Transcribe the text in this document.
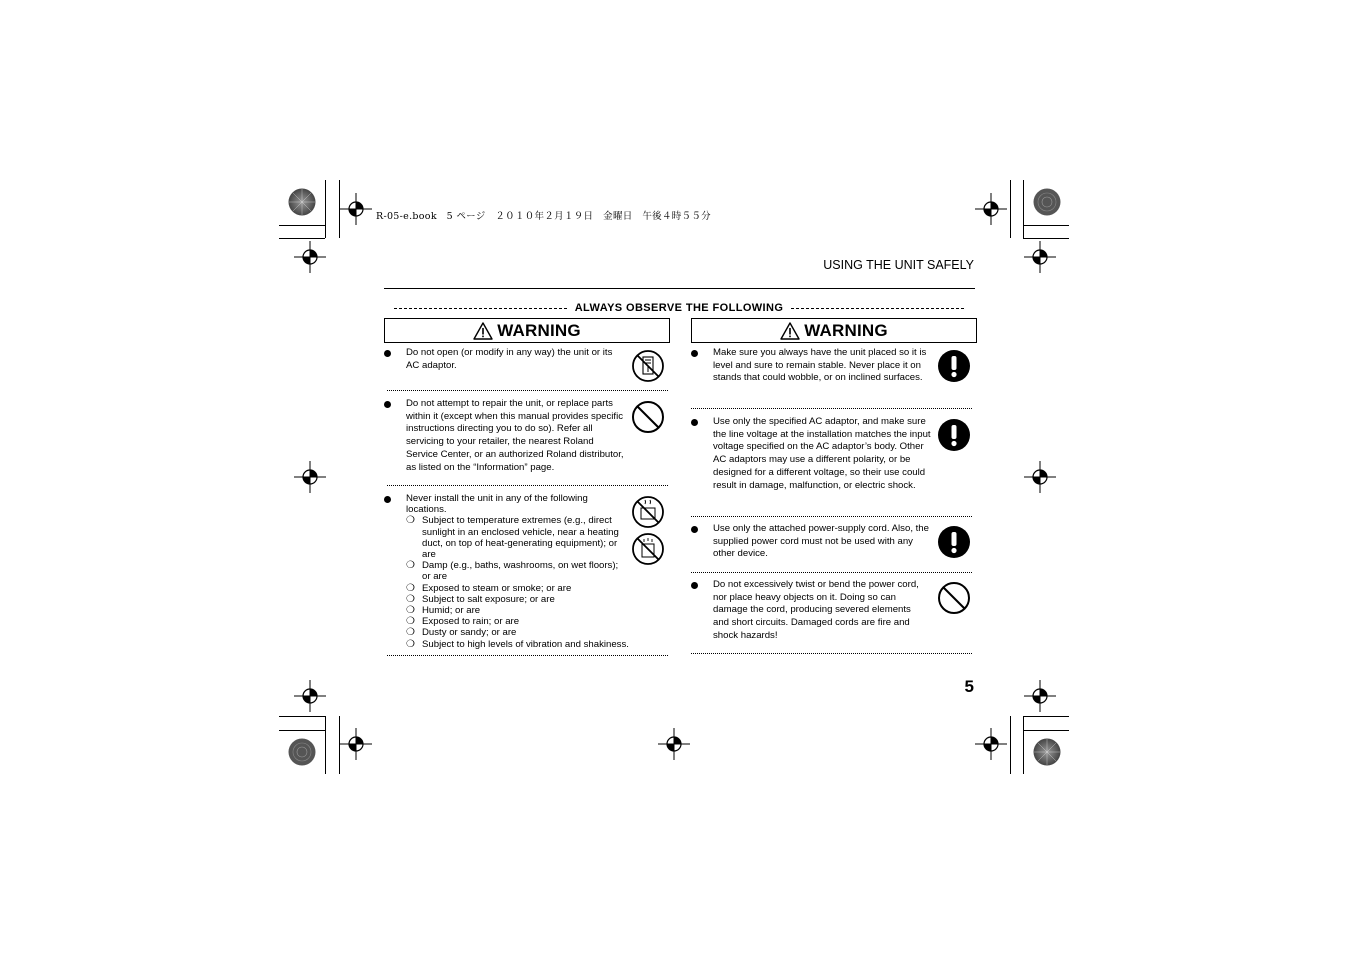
R-05-e.book　5 ページ　２０１０年２月１９日　金曜日　午後４時５５分
USING THE UNIT SAFELY
ALWAYS OBSERVE THE FOLLOWING
WARNING
Do not open (or modify in any way) the unit or its AC adaptor.
Do not attempt to repair the unit, or replace parts within it (except when this manual provides specific instructions directing you to do so). Refer all servicing to your retailer, the nearest Roland Service Center, or an authorized Roland distributor, as listed on the “Information” page.
Never install the unit in any of the following locations.
❍ Subject to temperature extremes (e.g., direct sunlight in an enclosed vehicle, near a heating duct, on top of heat-generating equipment); or are
❍ Damp (e.g., baths, washrooms, on wet floors); or are
❍ Exposed to steam or smoke; or are
❍ Subject to salt exposure; or are
❍ Humid; or are
❍ Exposed to rain; or are
❍ Dusty or sandy; or are
❍ Subject to high levels of vibration and shakiness.
WARNING
Make sure you always have the unit placed so it is level and sure to remain stable. Never place it on stands that could wobble, or on inclined surfaces.
Use only the specified AC adaptor, and make sure the line voltage at the installation matches the input voltage specified on the AC adaptor’s body. Other AC adaptors may use a different polarity, or be designed for a different voltage, so their use could result in damage, malfunction, or electric shock.
Use only the attached power-supply cord. Also, the supplied power cord must not be used with any other device.
Do not excessively twist or bend the power cord, nor place heavy objects on it. Doing so can damage the cord, producing severed elements and short circuits. Damaged cords are fire and shock hazards!
5
